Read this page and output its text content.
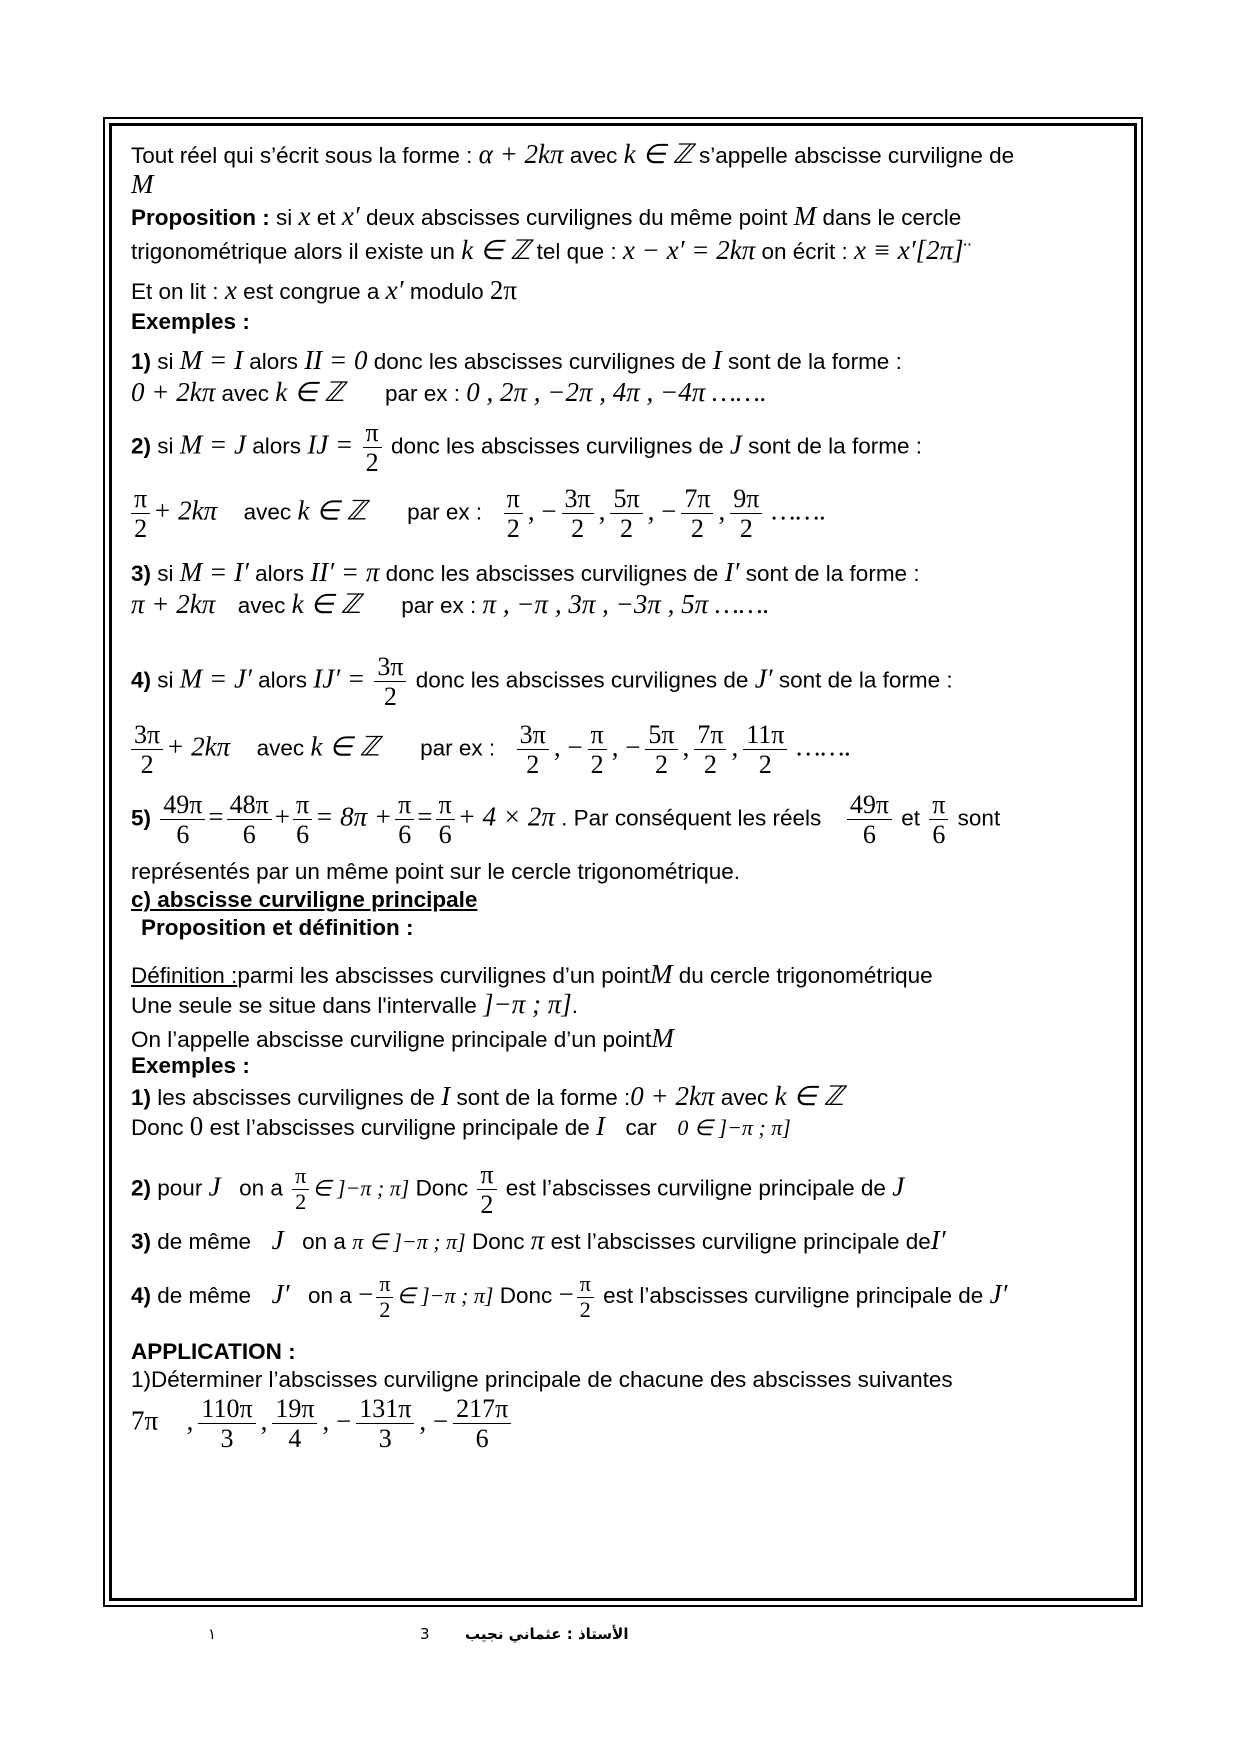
Tout réel qui s’écrit sous la forme : α + 2kπ avec k ∈ ℤ s’appelle abscisse curviligne de
M
Proposition : si x et x′ deux abscisses curvilignes du même point M dans le cercle
trigonométrique alors il existe un k ∈ ℤ tel que : x − x′ = 2kπ on écrit : x ≡ x′[2π]¨
Et on lit : x est congrue a x′ modulo 2π
Exemples :
1) si M = I alors II = 0 donc les abscisses curvilignes de I sont de la forme :
0 + 2kπ avec k ∈ ℤ par ex : 0 , 2π , −2π , 4π , −4π …….
2) si M = J alors IJ = $\frac{\pi}{2}$ donc les abscisses curvilignes de J sont de la forme :
$\frac{\pi}{2} + 2k\pi$ avec k ∈ ℤ par ex : $\frac{\pi}{2}$ , − $\frac{3\pi}{2}$ , $\frac{5\pi}{2}$ , − $\frac{7\pi}{2}$ , $\frac{9\pi}{2}$ …….
3) si M = I′ alors II′ = π donc les abscisses curvilignes de I′ sont de la forme :
π + 2kπ avec k ∈ ℤ par ex : π , −π , 3π , −3π , 5π …….
4) si M = J′ alors $IJ' = \frac{3\pi}{2}$ donc les abscisses curvilignes de J′ sont de la forme :
$\frac{3\pi}{2} + 2k\pi$ avec k ∈ ℤ par ex : $\frac{3\pi}{2}$ , − $\frac{\pi}{2}$ , − $\frac{5\pi}{2}$ , $\frac{7\pi}{2}$ , $\frac{11\pi}{2}$ …….
$5) \frac{49\pi}{6} = \frac{48\pi}{6} + \frac{\pi}{6} = 8\pi + \frac{\pi}{6} = \frac{\pi}{6} + 4 \times 2\pi$ . Par conséquent les réels $\frac{49\pi}{6}$ et $\frac{\pi}{6}$ sont
représentés par un même point sur le cercle trigonométrique.
c) abscisse curviligne principale
Proposition et définition :
Définition :parmi les abscisses curvilignes d’un pointM du cercle trigonométrique
Une seule se situe dans l'intervalle ]−π ; π].
On l’appelle abscisse curviligne principale d’un pointM
Exemples :
1) les abscisses curvilignes de I sont de la forme :0 + 2kπ avec k ∈ ℤ
Donc 0 est l’abscisses curviligne principale de I car 0 ∈ ]−π ; π]
2) pour J on a $\frac{\pi}{2}$ ∈ ]−π ; π] Donc $\frac{\pi}{2}$ est l’abscisses curviligne principale de J
3) de même J on a π ∈ ]−π ; π] Donc π est l’abscisses curviligne principale deI′
4) de même J′ on $a - \frac{\pi}{2}$ ∈ ]−π ; π] Donc − $\frac{\pi}{2}$ est l’abscisses curviligne principale de J′
APPLICATION :
1)Déterminer l’abscisses curviligne principale de chacune des abscisses suivantes
7π , $\frac{110\pi}{3}$ , $\frac{19\pi}{4}$ , − $\frac{131\pi}{3}$ , − $\frac{217\pi}{6}$
١	3 الأستاذ : عثماني نجيب
